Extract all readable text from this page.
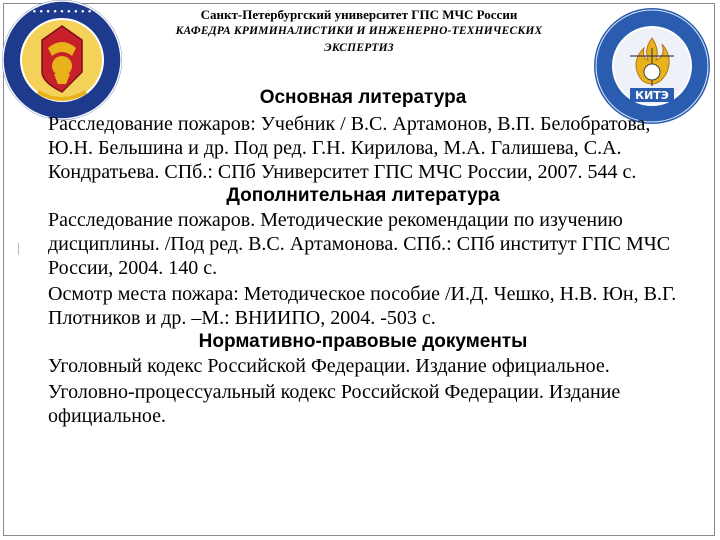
• • • • • • • • •
КИТЭ
Санкт-Петербургский университет ГПС МЧС России
КАФЕДРА КРИМИНАЛИСТИКИ И ИНЖЕНЕРНО-ТЕХНИЧЕСКИХ
ЭКСПЕРТИЗ
Основная литература

Расследование пожаров: Учебник / В.С. Артамонов, В.П. Белобратова, Ю.Н. Бельшина и др. Под ред. Г.Н. Кирилова, М.А. Галишева, С.А. Кондратьева. СПб.: СПб Университет ГПС МЧС России, 2007. 544 с.

Дополнительная литература

Расследование пожаров. Методические рекомендации по изучению дисциплины. /Под ред. В.С. Артамонова. СПб.: СПб институт ГПС МЧС России, 2004. 140 с.

Осмотр места пожара: Методическое пособие /И.Д. Чешко, Н.В. Юн, В.Г. Плотников и др. –М.: ВНИИПО, 2004. -503 с.

Нормативно-правовые документы

Уголовный кодекс Российской Федерации. Издание официальное.

Уголовно-процессуальный кодекс Российской Федерации. Издание официальное.
